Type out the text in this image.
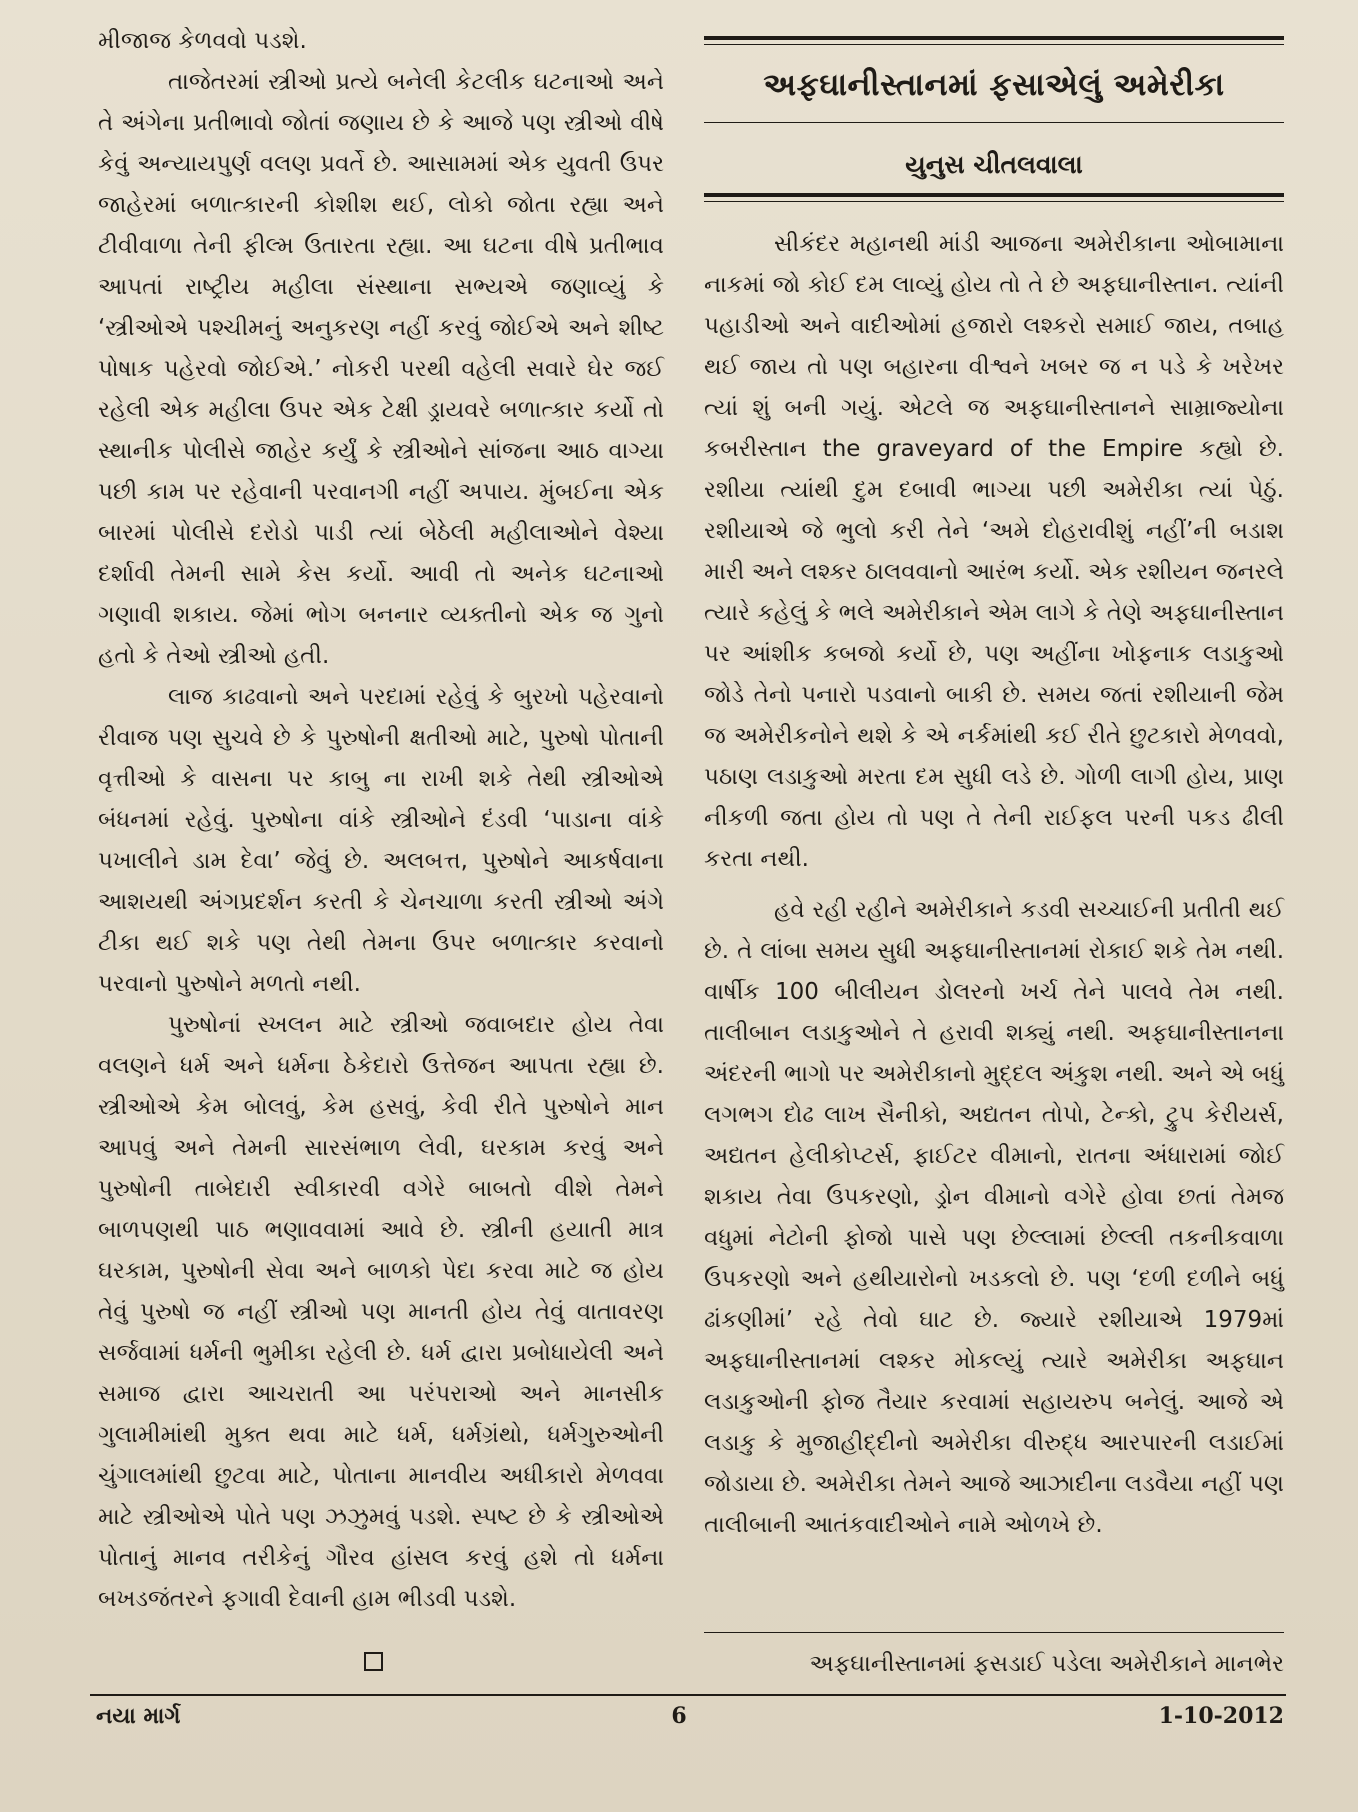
મીજાજ કેળવવો પડશે.

તાજેતરમાં સ્ત્રીઓ પ્રત્યે બનેલી કેટલીક ઘટનાઓ અને તે અંગેના પ્રતીભાવો જોતાં જણાય છે કે આજે પણ સ્ત્રીઓ વીષે કેવું અન્યાયપુર્ણ વલણ પ્રવર્તે છે. આસામમાં એક યુવતી ઉપર જાહેરમાં બળાત્કારની કોશીશ થઈ, લોકો જોતા રહ્યા અને ટીવીવાળા તેની ફીલ્મ ઉતારતા રહ્યા. આ ઘટના વીષે પ્રતીભાવ આપતાં રાષ્ટ્રીય મહીલા સંસ્થાના સભ્યએ જણાવ્યું કે ‘સ્ત્રીઓએ પશ્ચીમનું અનુકરણ નહીં કરવું જોઈએ અને શીષ્ટ પોષાક પહેરવો જોઈએ.’ નોકરી પરથી વહેલી સવારે ઘેર જઈ રહેલી એક મહીલા ઉપર એક ટેક્ષી ડ્રાયવરે બળાત્કાર કર્યો તો સ્થાનીક પોલીસે જાહેર કર્યું કે સ્ત્રીઓને સાંજના આઠ વાગ્યા પછી કામ પર રહેવાની પરવાનગી નહીં અપાય. મુંબઈના એક બારમાં પોલીસે દરોડો પાડી ત્યાં બેઠેલી મહીલાઓને વેશ્યા દર્શાવી તેમની સામે કેસ કર્યો. આવી તો અનેક ઘટનાઓ ગણાવી શકાય. જેમાં ભોગ બનનાર વ્યક્તીનો એક જ ગુનો હતો કે તેઓ સ્ત્રીઓ હતી.

લાજ કાઢવાનો અને પરદામાં રહેવું કે બુરખો પહેરવાનો રીવાજ પણ સુચવે છે કે પુરુષોની ક્ષતીઓ માટે, પુરુષો પોતાની વૃત્તીઓ કે વાસના પર કાબુ ના રાખી શકે તેથી સ્ત્રીઓએ બંધનમાં રહેવું. પુરુષોના વાંકે સ્ત્રીઓને દંડવી ‘પાડાના વાંકે પખાલીને ડામ દેવા’ જેવું છે. અલબત્ત, પુરુષોને આકર્ષવાના આશયથી અંગપ્રદર્શન કરતી કે ચેનચાળા કરતી સ્ત્રીઓ અંગે ટીકા થઈ શકે પણ તેથી તેમના ઉપર બળાત્કાર કરવાનો પરવાનો પુરુષોને મળતો નથી.

પુરુષોનાં સ્ખલન માટે સ્ત્રીઓ જવાબદાર હોય તેવા વલણને ધર્મ અને ધર્મના ઠેકેદારો ઉત્તેજન આપતા રહ્યા છે. સ્ત્રીઓએ કેમ બોલવું, કેમ હસવું, કેવી રીતે પુરુષોને માન આપવું અને તેમની સારસંભાળ લેવી, ઘરકામ કરવું અને પુરુષોની તાબેદારી સ્વીકારવી વગેરે બાબતો વીશે તેમને બાળપણથી પાઠ ભણાવવામાં આવે છે. સ્ત્રીની હયાતી માત્ર ઘરકામ, પુરુષોની સેવા અને બાળકો પેદા કરવા માટે જ હોય તેવું પુરુષો જ નહીં સ્ત્રીઓ પણ માનતી હોય તેવું વાતાવરણ સર્જવામાં ધર્મની ભુમીકા રહેલી છે. ધર્મ દ્વારા પ્રબોધાયેલી અને સમાજ દ્વારા આચરાતી આ પરંપરાઓ અને માનસીક ગુલામીમાંથી મુક્ત થવા માટે ધર્મ, ધર્મગ્રંથો, ધર્મગુરુઓની ચુંગાલમાંથી છુટવા માટે, પોતાના માનવીય અધીકારો મેળવવા માટે સ્ત્રીઓએ પોતે પણ ઝઝુમવું પડશે. સ્પષ્ટ છે કે સ્ત્રીઓએ પોતાનું માનવ તરીકેનું ગૌરવ હાંસલ કરવું હશે તો ધર્મના બખડજંતરને ફગાવી દેવાની હામ ભીડવી પડશે.

અફઘાનીસ્તાનમાં ફસાએલું અમેરીકા
યુનુસ ચીતલવાલા

સીકંદર મહાનથી માંડી આજના અમેરીકાના ઓબામાના નાકમાં જો કોઈ દમ લાવ્યું હોય તો તે છે અફઘાનીસ્તાન. ત્યાંની પહાડીઓ અને વાદીઓમાં હજારો લશ્કરો સમાઈ જાય, તબાહ થઈ જાય તો પણ બહારના વીશ્વને ખબર જ ન પડે કે ખરેખર ત્યાં શું બની ગયું. એટલે જ અફઘાનીસ્તાનને સામ્રાજ્યોના કબરીસ્તાન the graveyard of the Empire કહ્યો છે. રશીયા ત્યાંથી દુમ દબાવી ભાગ્યા પછી અમેરીકા ત્યાં પેઠું. રશીયાએ જે ભુલો કરી તેને ‘અમે દોહરાવીશું નહીં’ની બડાશ મારી અને લશ્કર ઠાલવવાનો આરંભ કર્યો. એક રશીયન જનરલે ત્યારે કહેલું કે ભલે અમેરીકાને એમ લાગે કે તેણે અફઘાનીસ્તાન પર આંશીક કબજો કર્યો છે, પણ અહીંના ખોફનાક લડાકુઓ જોડે તેનો પનારો પડવાનો બાકી છે. સમય જતાં રશીયાની જેમ જ અમેરીકનોને થશે કે એ નર્કમાંથી કઈ રીતે છુટકારો મેળવવો, પઠાણ લડાકુઓ મરતા દમ સુધી લડે છે. ગોળી લાગી હોય, પ્રાણ નીકળી જતા હોય તો પણ તે તેની રાઈફલ પરની પકડ ઢીલી કરતા નથી.

હવે રહી રહીને અમેરીકાને કડવી સચ્ચાઈની પ્રતીતી થઈ છે. તે લાંબા સમય સુધી અફઘાનીસ્તાનમાં રોકાઈ શકે તેમ નથી. વાર્ષીક 100 બીલીયન ડોલરનો ખર્ચ તેને પાલવે તેમ નથી. તાલીબાન લડાકુઓને તે હરાવી શક્યું નથી. અફઘાનીસ્તાનના અંદરની ભાગો પર અમેરીકાનો મુદ્દલ અંકુશ નથી. અને એ બધું લગભગ દોઢ લાખ સૈનીકો, અદ્યતન તોપો, ટેન્કો, ટ્રુપ કેરીયર્સ, અદ્યતન હેલીકોપ્ટર્સ, ફાઈટર વીમાનો, રાતના અંધારામાં જોઈ શકાય તેવા ઉપકરણો, ડ્રોન વીમાનો વગેરે હોવા છતાં તેમજ વધુમાં નેટોની ફોજો પાસે પણ છેલ્લામાં છેલ્લી તકનીકવાળા ઉપકરણો અને હથીયારોનો ખડકલો છે. પણ ‘દળી દળીને બધું ઢાંકણીમાં’ રહે તેવો ઘાટ છે. જ્યારે રશીયાએ 1979માં અફઘાનીસ્તાનમાં લશ્કર મોકલ્યું ત્યારે અમેરીકા અફઘાન લડાકુઓની ફોજ તૈયાર કરવામાં સહાયરુપ બનેલું. આજે એ લડાકુ કે મુજાહીદ્દીનો અમેરીકા વીરુદ્ધ આરપારની લડાઈમાં જોડાયા છે. અમેરીકા તેમને આજે આઝાદીના લડવૈયા નહીં પણ તાલીબાની આતંકવાદીઓને નામે ઓળખે છે.

અફઘાનીસ્તાનમાં ફસડાઈ પડેલા અમેરીકાને માનભેર
નયા માર્ગ	6	1-10-2012
